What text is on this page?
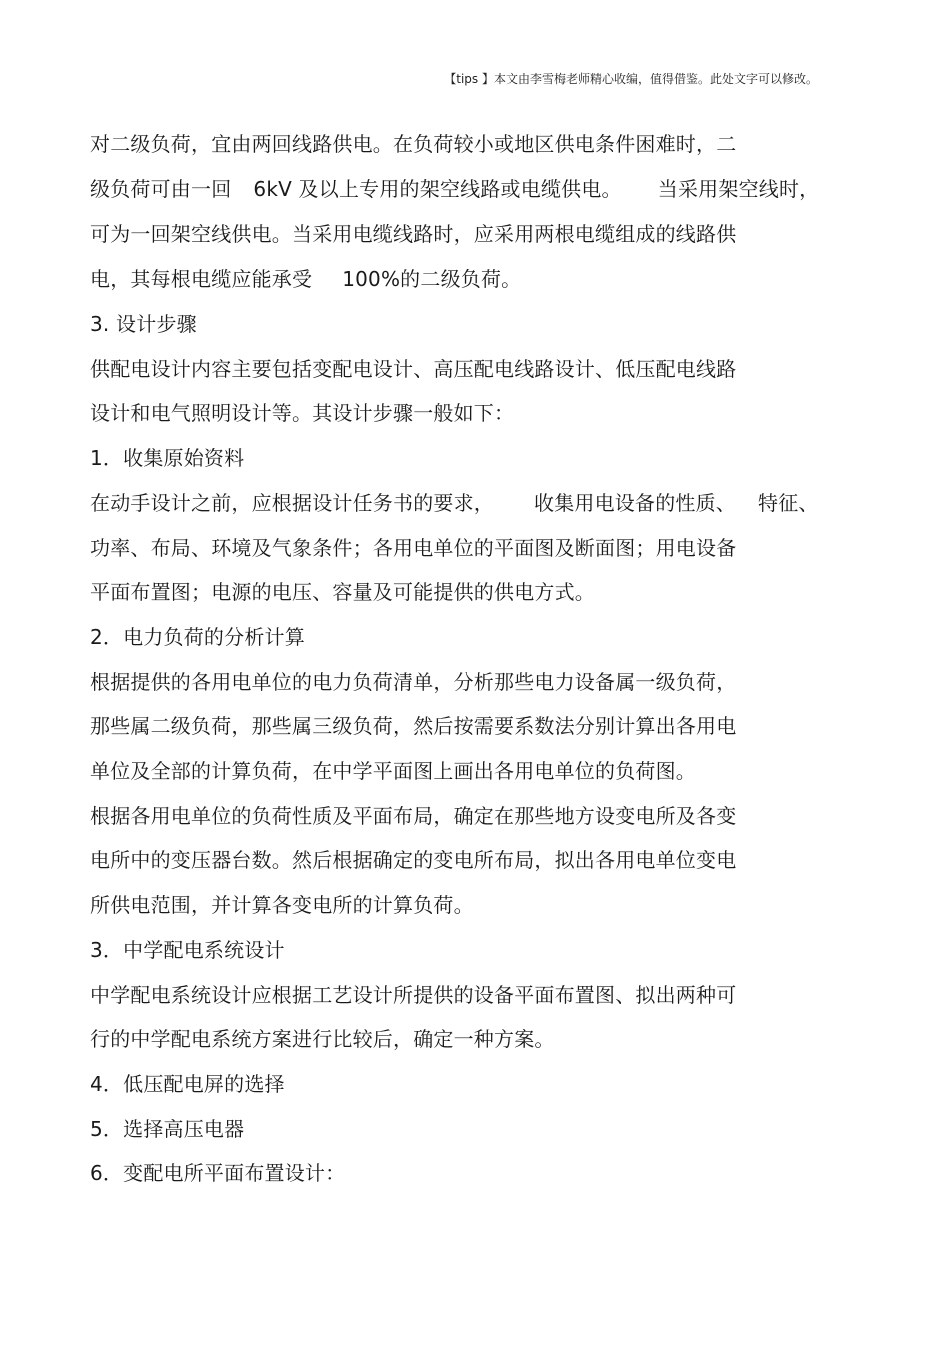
【tips 】本文由李雪梅老师精心收编，值得借鉴。此处文字可以修改。
对二级负荷，宜由两回线路供电。在负荷较小或地区供电条件困难时，二
级负荷可由一回 6kV 及以上专用的架空线路或电缆供电。 当采用架空线时，
可为一回架空线供电。当采用电缆线路时，应采用两根电缆组成的线路供
电，其每根电缆应能承受 100%的二级负荷。
3. 设计步骤
供配电设计内容主要包括变配电设计、高压配电线路设计、低压配电线路
设计和电气照明设计等。其设计步骤一般如下：
1．收集原始资料
在动手设计之前，应根据设计任务书的要求， 收集用电设备的性质、 特征、
功率、布局、环境及气象条件；各用电单位的平面图及断面图；用电设备
平面布置图；电源的电压、容量及可能提供的供电方式。
2．电力负荷的分析计算
根据提供的各用电单位的电力负荷清单，分析那些电力设备属一级负荷，
那些属二级负荷，那些属三级负荷，然后按需要系数法分别计算出各用电
单位及全部的计算负荷，在中学平面图上画出各用电单位的负荷图。
根据各用电单位的负荷性质及平面布局，确定在那些地方设变电所及各变
电所中的变压器台数。然后根据确定的变电所布局，拟出各用电单位变电
所供电范围，并计算各变电所的计算负荷。
3．中学配电系统设计
中学配电系统设计应根据工艺设计所提供的设备平面布置图、拟出两种可
行的中学配电系统方案进行比较后，确定一种方案。
4．低压配电屏的选择
5．选择高压电器
6．变配电所平面布置设计：
